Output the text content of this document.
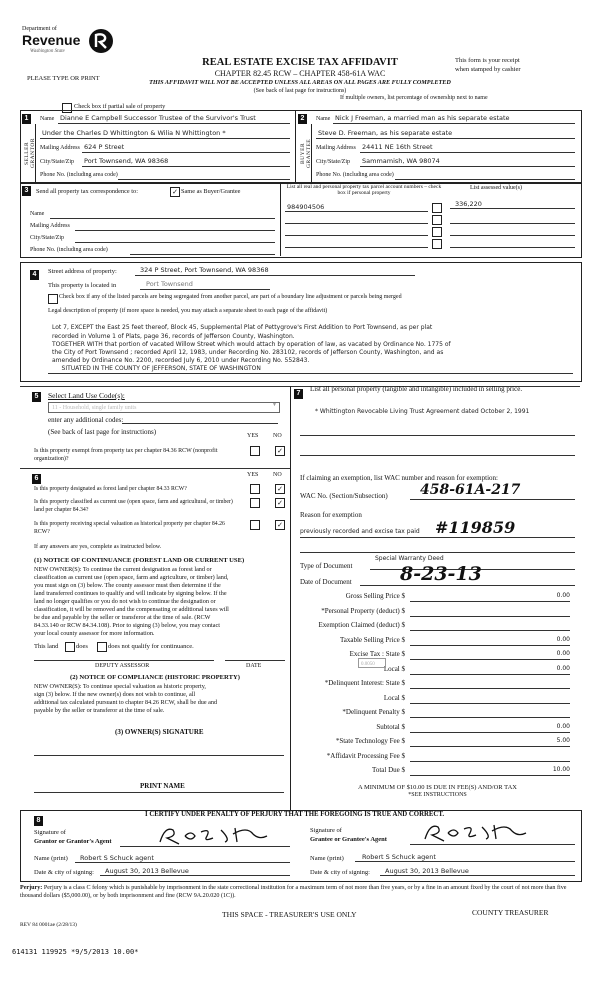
Department of
Revenue
Washington State
PLEASE TYPE OR PRINT
REAL ESTATE EXCISE TAX AFFIDAVIT
CHAPTER 82.45 RCW – CHAPTER 458-61A WAC
THIS AFFIDAVIT WILL NOT BE ACCEPTED UNLESS ALL AREAS ON ALL PAGES ARE FULLY COMPLETED
(See back of last page for instructions)
This form is your receipt
when stamped by cashier
Check box if partial sale of property
If multiple owners, list percentage of ownership next to name
1
SELLER GRANTOR
Name Dianne E Campbell Successor Trustee of the Survivor's Trust
Under the Charles D Whittington & Wilia N Whittington *
Mailing Address 624 P Street
City/State/Zip Port Townsend, WA 98368
Phone No. (including area code)
2
BUYER GRANTEE
Name Nick J Freeman, a married man as his separate estate
Steve D. Freeman, as his separate estate
Mailing Address 24411 NE 16th Street
City/State/Zip Sammamish, WA 98074
Phone No. (including area code)
3	Send all property tax correspondence to:	✓ Same as Buyer/Grantee
Name
Mailing Address
City/State/Zip
Phone No. (including area code)
List all real and personal property tax parcel account numbers – check box if personal property
List assessed value(s)
984904506	336,220
4	Street address of property:	324 P Street, Port Townsend, WA 98368
This property is located in	Port Townsend
Check box if any of the listed parcels are being segregated from another parcel, are part of a boundary line adjustment or parcels being merged
Legal description of property (if more space is needed, you may attach a separate sheet to each page of the affidavit)
Lot 7, EXCEPT the East 25 feet thereof, Block 45, Supplemental Plat of Pettygrove's First Addition to Port Townsend, as per plat
recorded in Volume 1 of Plats, page 36, records of Jefferson County, Washington.
TOGETHER WITH that portion of vacated Willow Street which would attach by operation of law, as vacated by Ordinance No. 1775 of
the City of Port Townsend ; recorded April 12, 1983, under Recording No. 283102, records of Jefferson County, Washington, and as
amended by Ordinance No. 2200, recorded July 6, 2010 under Recording No. 552843.
SITUATED IN THE COUNTY OF JEFFERSON, STATE OF WASHINGTON
5	Select Land Use Code(s):
11 - Household, single family units	▼
enter any additional codes:
(See back of last page for instructions)	YES NO
Is this property exempt from property tax per chapter 84.36 RCW (nonprofit organization)?
✓
6	YES NO
Is this property designated as forest land per chapter 84.33 RCW?	✓
Is this property classified as current use (open space, farm and agricultural, or timber) land per chapter 84.34?
✓
Is this property receiving special valuation as historical property per chapter 84.26 RCW?
✓
If any answers are yes, complete as instructed below.
(1) NOTICE OF CONTINUANCE (FOREST LAND OR CURRENT USE)
NEW OWNER(S): To continue the current designation as forest land or
classification as current use (open space, farm and agriculture, or timber) land,
you must sign on (3) below. The county assessor must then determine if the
land transferred continues to qualify and will indicate by signing below. If the
land no longer qualifies or you do not wish to continue the designation or
classification, it will be removed and the compensating or additional taxes will
be due and payable by the seller or transferor at the time of sale. (RCW
84.33.140 or RCW 84.34.108). Prior to signing (3) below, you may contact
your local county assessor for more information.
This land	does	does not qualify for continuance.
DEPUTY ASSESSOR	DATE
(2) NOTICE OF COMPLIANCE (HISTORIC PROPERTY)
NEW OWNER(S): To continue special valuation as historic property,
sign (3) below. If the new owner(s) does not wish to continue, all
additional tax calculated pursuant to chapter 84.26 RCW, shall be due and
payable by the seller or transferor at the time of sale.
(3) OWNER(S) SIGNATURE
PRINT NAME
7
List all personal property (tangible and intangible) included in selling price.
* Whittington Revocable Living Trust Agreement dated October 2, 1991
If claiming an exemption, list WAC number and reason for exemption:
WAC No. (Section/Subsection) 458-61A-217
Reason for exemption
previously recorded and excise tax paid #119859
Type of Document
Special Warranty Deed
Date of Document	8-23-13
Gross Selling Price $	0.00
*Personal Property (deduct) $
Exemption Claimed (deduct) $
Taxable Selling Price $	0.00
Excise Tax : State $	0.00
Local $	0.00
*Delinquent Interest: State $
Local $
*Delinquent Penalty $
Subtotal $	0.00
*State Technology Fee $	5.00
*Affidavit Processing Fee $
Total Due $	10.00
0.0050
A MINIMUM OF $10.00 IS DUE IN FEE(S) AND/OR TAX
*SEE INSTRUCTIONS
8
I CERTIFY UNDER PENALTY OF PERJURY THAT THE FOREGOING IS TRUE AND CORRECT.
Signature of
Grantor or Grantor's Agent
Name (print) Robert S Schuck agent
Date & city of signing: August 30, 2013 Bellevue
Signature of
Grantee or Grantee's Agent
Name (print)	Robert S Schuck agent
Date & city of signing: August 30, 2013 Bellevue
Perjury: Perjury is a class C felony which is punishable by imprisonment in the state correctional institution for a maximum term of not more than five years, or by a fine in an amount fixed by the court of not more than five thousand dollars ($5,000.00), or by both imprisonment and fine (RCW 9A.20.020 (1C)).
REV 84 0001ae (2/28/13)
THIS SPACE - TREASURER'S USE ONLY	COUNTY TREASURER
614131 119925 *9/5/2013 10.00*
